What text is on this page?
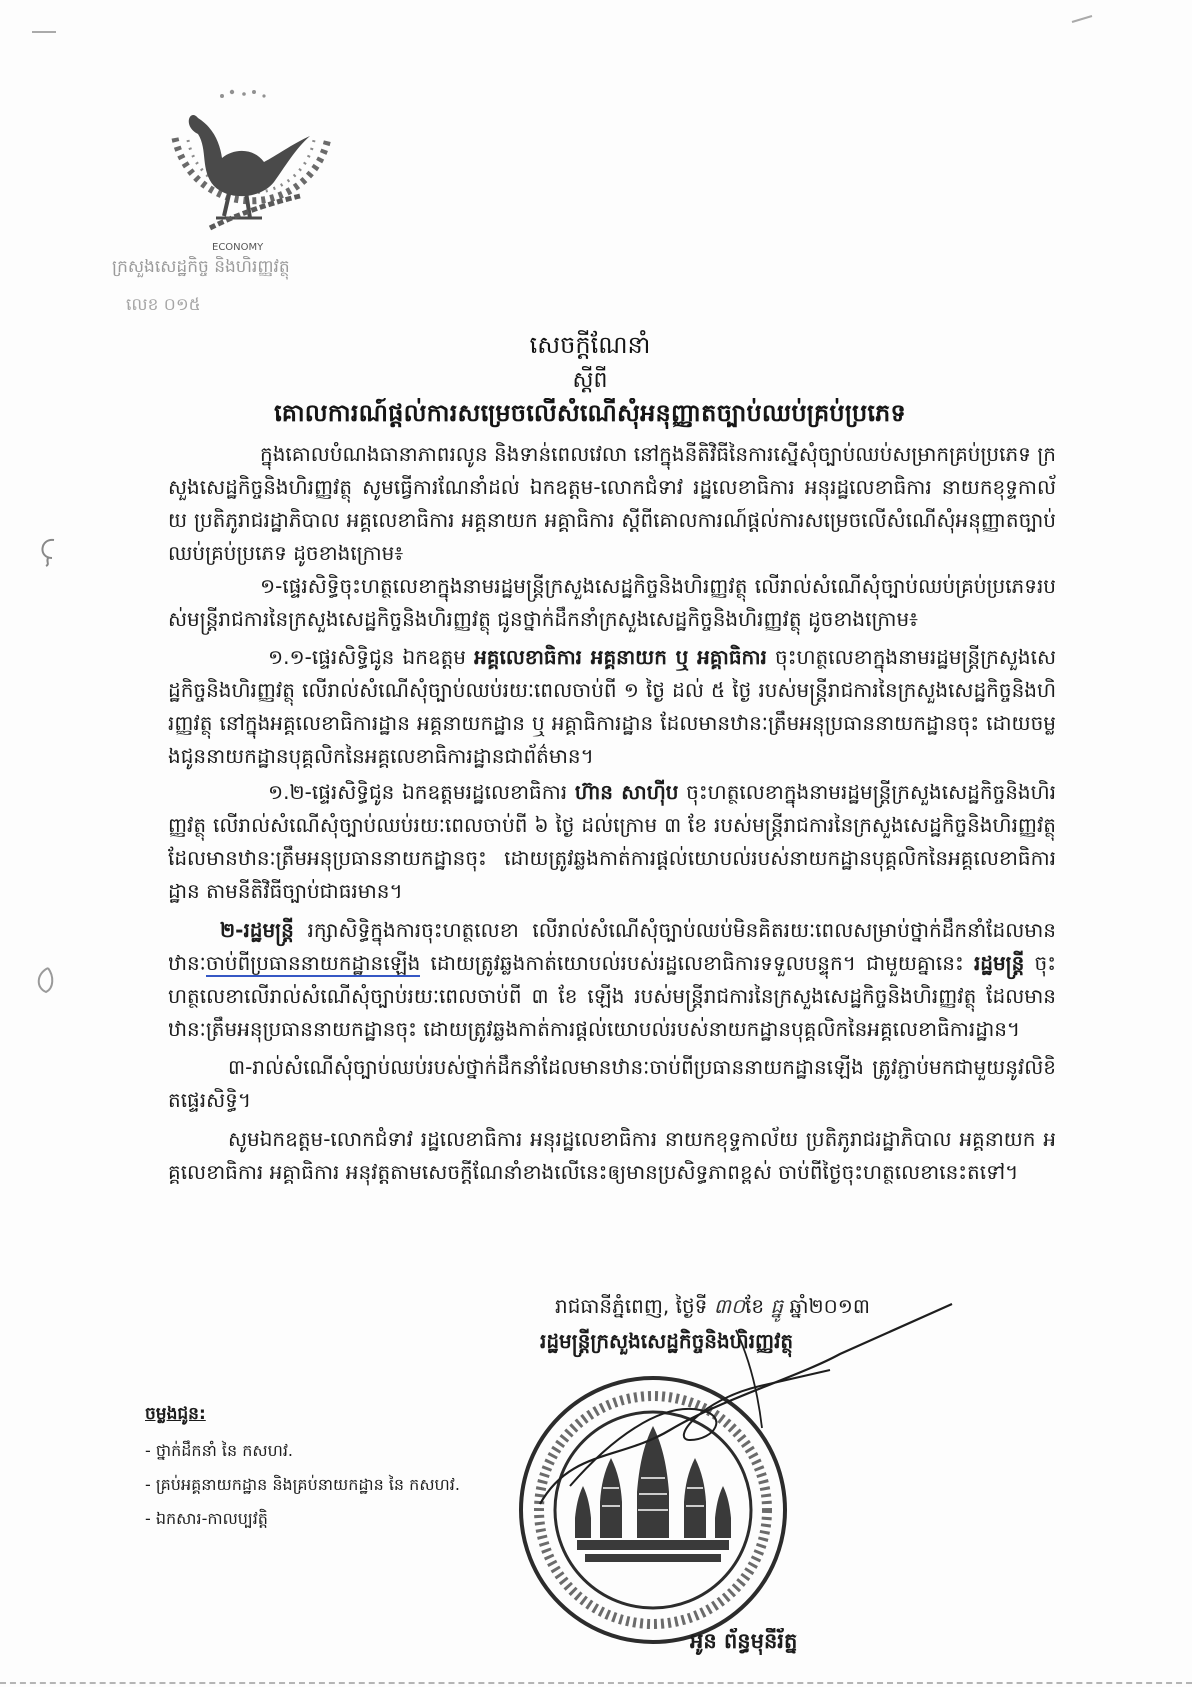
ECONOMY
ក្រសួងសេដ្ឋកិច្ច និងហិរញ្ញវត្ថុ
លេខ ០១៥
សេចក្តីណែនាំ
ស្តីពី
គោលការណ៍ផ្តល់ការសម្រេចលើសំណើសុំអនុញ្ញាតច្បាប់ឈប់គ្រប់ប្រភេទ

ក្នុងគោលបំណងធានាភាពរលូន និងទាន់ពេលវេលា នៅក្នុងនីតិវិធីនៃការស្នើសុំច្បាប់ឈប់សម្រាកគ្រប់ប្រភេទ ក្រសួងសេដ្ឋកិច្ចនិងហិរញ្ញវត្ថុ សូមធ្វើការណែនាំដល់ ឯកឧត្តម-លោកជំទាវ រដ្ឋលេខាធិការ អនុរដ្ឋលេខាធិការ នាយកខុទ្ទកាល័យ ប្រតិភូរាជរដ្ឋាភិបាល អគ្គលេខាធិការ អគ្គនាយក អគ្គាធិការ ស្តីពីគោលការណ៍ផ្តល់ការសម្រេចលើសំណើសុំអនុញ្ញាតច្បាប់ឈប់គ្រប់ប្រភេទ ដូចខាងក្រោម៖

១-ផ្ទេរសិទ្ធិចុះហត្ថលេខាក្នុងនាមរដ្ឋមន្ត្រីក្រសួងសេដ្ឋកិច្ចនិងហិរញ្ញវត្ថុ លើរាល់សំណើសុំច្បាប់ឈប់គ្រប់ប្រភេទរបស់មន្ត្រីរាជការនៃក្រសួងសេដ្ឋកិច្ចនិងហិរញ្ញវត្ថុ ជូនថ្នាក់ដឹកនាំក្រសួងសេដ្ឋកិច្ចនិងហិរញ្ញវត្ថុ ដូចខាងក្រោម៖

១.១-ផ្ទេរសិទ្ធិជូន ឯកឧត្តម អគ្គលេខាធិការ អគ្គនាយក ឬ អគ្គាធិការ ចុះហត្ថលេខាក្នុងនាមរដ្ឋមន្ត្រីក្រសួងសេដ្ឋកិច្ចនិងហិរញ្ញវត្ថុ លើរាល់សំណើសុំច្បាប់ឈប់រយៈពេលចាប់ពី ១ ថ្ងៃ ដល់ ៥ ថ្ងៃ របស់មន្ត្រីរាជការនៃក្រសួងសេដ្ឋកិច្ចនិងហិរញ្ញវត្ថុ នៅក្នុងអគ្គលេខាធិការដ្ឋាន អគ្គនាយកដ្ឋាន ឬ អគ្គាធិការដ្ឋាន ដែលមានឋានៈត្រឹមអនុប្រធាននាយកដ្ឋានចុះ ដោយចម្លងជូននាយកដ្ឋានបុគ្គលិកនៃអគ្គលេខាធិការដ្ឋានជាព័ត៌មាន។

១.២-ផ្ទេរសិទ្ធិជូន ឯកឧត្តមរដ្ឋលេខាធិការ ហ៊ាន សាហ៊ីប ចុះហត្ថលេខាក្នុងនាមរដ្ឋមន្ត្រីក្រសួងសេដ្ឋកិច្ចនិងហិរញ្ញវត្ថុ លើរាល់សំណើសុំច្បាប់ឈប់រយៈពេលចាប់ពី ៦ ថ្ងៃ ដល់ក្រោម ៣ ខែ របស់មន្ត្រីរាជការនៃក្រសួងសេដ្ឋកិច្ចនិងហិរញ្ញវត្ថុ ដែលមានឋានៈត្រឹមអនុប្រធាននាយកដ្ឋានចុះ ដោយត្រូវឆ្លងកាត់ការផ្តល់យោបល់របស់នាយកដ្ឋានបុគ្គលិកនៃអគ្គលេខាធិការដ្ឋាន តាមនីតិវិធីច្បាប់ជាធរមាន។

២-រដ្ឋមន្ត្រី រក្សាសិទ្ធិក្នុងការចុះហត្ថលេខា លើរាល់សំណើសុំច្បាប់ឈប់មិនគិតរយៈពេលសម្រាប់ថ្នាក់ដឹកនាំដែលមានឋានៈចាប់ពីប្រធាននាយកដ្ឋានឡើង ដោយត្រូវឆ្លងកាត់យោបល់របស់រដ្ឋលេខាធិការទទួលបន្ទុក។ ជាមួយគ្នានេះ រដ្ឋមន្ត្រី ចុះហត្ថលេខាលើរាល់សំណើសុំច្បាប់រយៈពេលចាប់ពី ៣ ខែ ឡើង របស់មន្ត្រីរាជការនៃក្រសួងសេដ្ឋកិច្ចនិងហិរញ្ញវត្ថុ ដែលមានឋានៈត្រឹមអនុប្រធាននាយកដ្ឋានចុះ ដោយត្រូវឆ្លងកាត់ការផ្តល់យោបល់របស់នាយកដ្ឋានបុគ្គលិកនៃអគ្គលេខាធិការដ្ឋាន។

៣-រាល់សំណើសុំច្បាប់ឈប់របស់ថ្នាក់ដឹកនាំដែលមានឋានៈចាប់ពីប្រធាននាយកដ្ឋានឡើង ត្រូវភ្ជាប់មកជាមួយនូវលិខិតផ្ទេរសិទ្ធិ។

សូមឯកឧត្តម-លោកជំទាវ រដ្ឋលេខាធិការ អនុរដ្ឋលេខាធិការ នាយកខុទ្ទកាល័យ ប្រតិភូរាជរដ្ឋាភិបាល អគ្គនាយក អគ្គលេខាធិការ អគ្គាធិការ អនុវត្តតាមសេចក្តីណែនាំខាងលើនេះឲ្យមានប្រសិទ្ធភាពខ្ពស់ ចាប់ពីថ្ងៃចុះហត្ថលេខានេះតទៅ។

រាជធានីភ្នំពេញ, ថ្ងៃទី ៣០ខែ ធ្នូ ឆ្នាំ២០១៣
រដ្ឋមន្ត្រីក្រសួងសេដ្ឋកិច្ចនិងហិរញ្ញវត្ថុ
អូន ព័ន្ធមុនីរ័ត្ន
ចម្លងជូន:
- ថ្នាក់ដឹកនាំ នៃ កសហវ.
- គ្រប់អគ្គនាយកដ្ឋាន និងគ្រប់នាយកដ្ឋាន នៃ កសហវ.
- ឯកសារ-កាលប្បវត្តិ
